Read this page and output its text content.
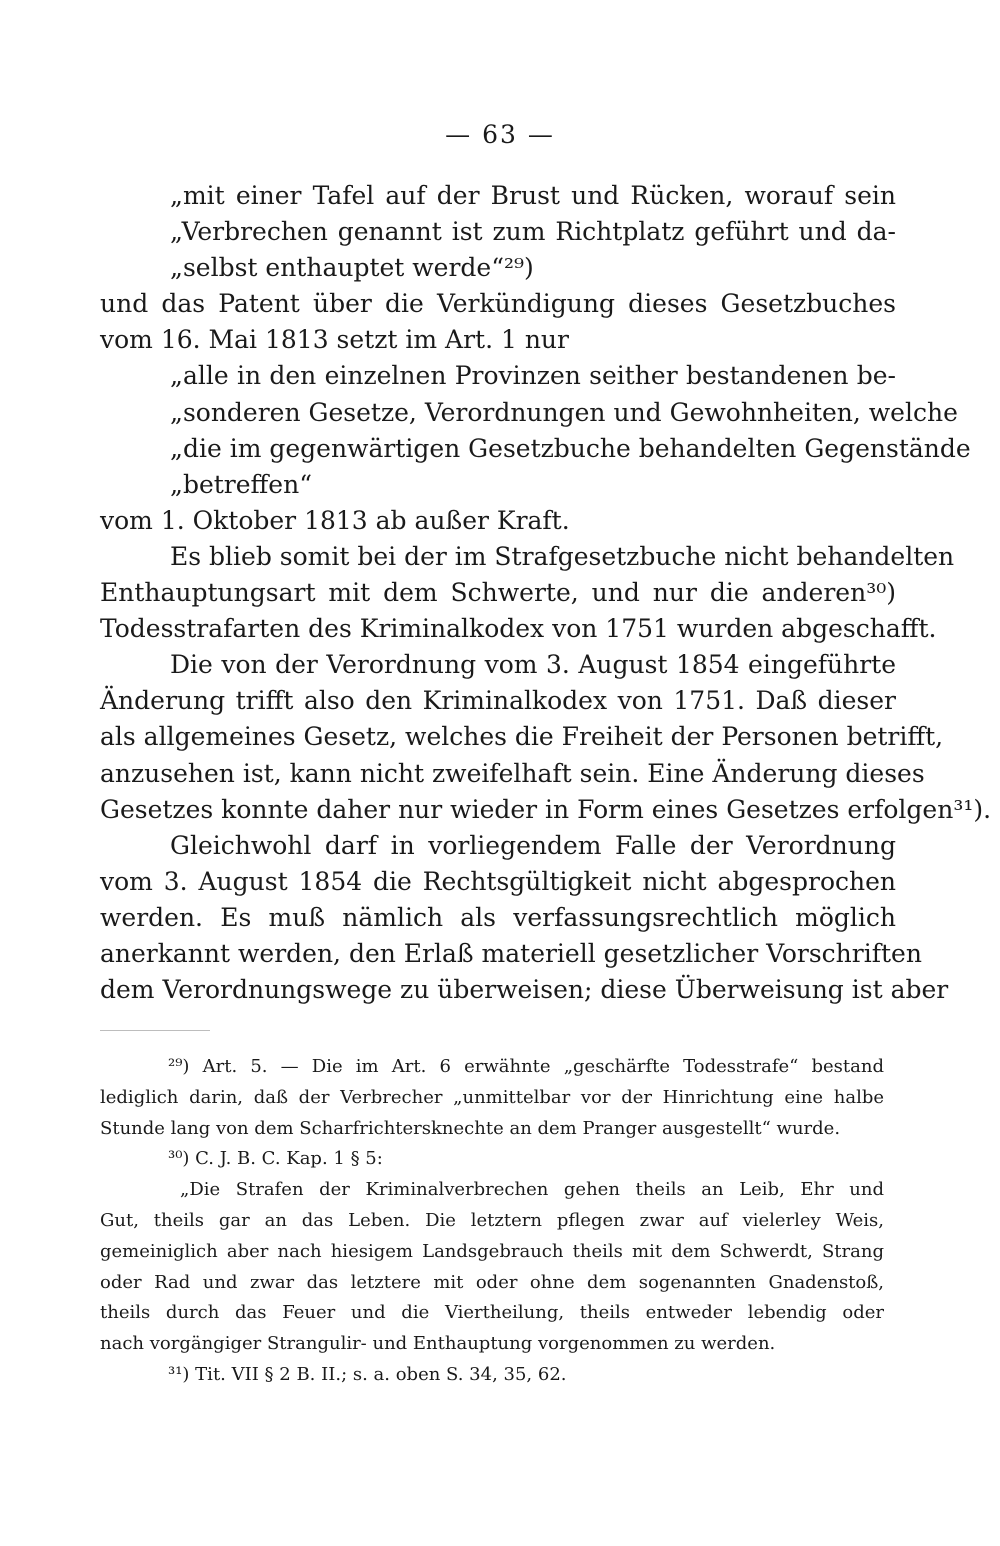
— 63 —
„mit einer Tafel auf der Brust und Rücken, worauf sein
„Verbrechen genannt ist zum Richtplatz geführt und da-
„selbst enthauptet werde“²⁹)
und das Patent über die Verkündigung dieses Gesetzbuches
vom 16. Mai 1813 setzt im Art. 1 nur
„alle in den einzelnen Provinzen seither bestandenen be-
„sonderen Gesetze, Verordnungen und Gewohnheiten, welche
„die im gegenwärtigen Gesetzbuche behandelten Gegenstände
„betreffen“
vom 1. Oktober 1813 ab außer Kraft.
Es blieb somit bei der im Strafgesetzbuche nicht behandelten
Enthauptungsart mit dem Schwerte, und nur die anderen³⁰)
Todesstrafarten des Kriminalkodex von 1751 wurden abgeschafft.
Die von der Verordnung vom 3. August 1854 eingeführte
Änderung trifft also den Kriminalkodex von 1751. Daß dieser
als allgemeines Gesetz, welches die Freiheit der Personen betrifft,
anzusehen ist, kann nicht zweifelhaft sein. Eine Änderung dieses
Gesetzes konnte daher nur wieder in Form eines Gesetzes erfolgen³¹).
Gleichwohl darf in vorliegendem Falle der Verordnung
vom 3. August 1854 die Rechtsgültigkeit nicht abgesprochen
werden. Es muß nämlich als verfassungsrechtlich möglich
anerkannt werden, den Erlaß materiell gesetzlicher Vorschriften
dem Verordnungswege zu überweisen; diese Überweisung ist aber
²⁹) Art. 5. — Die im Art. 6 erwähnte „geschärfte Todesstrafe“ bestand
lediglich darin, daß der Verbrecher „unmittelbar vor der Hinrichtung eine halbe
Stunde lang von dem Scharfrichtersknechte an dem Pranger ausgestellt“ wurde.
³⁰) C. J. B. C. Kap. 1 § 5:
„Die Strafen der Kriminalverbrechen gehen theils an Leib, Ehr und
Gut, theils gar an das Leben. Die letztern pflegen zwar auf vielerley Weis,
gemeiniglich aber nach hiesigem Landsgebrauch theils mit dem Schwerdt, Strang
oder Rad und zwar das letztere mit oder ohne dem sogenannten Gnadenstoß,
theils durch das Feuer und die Viertheilung, theils entweder lebendig oder
nach vorgängiger Strangulir- und Enthauptung vorgenommen zu werden.
³¹) Tit. VII § 2 B. II.; s. a. oben S. 34, 35, 62.
